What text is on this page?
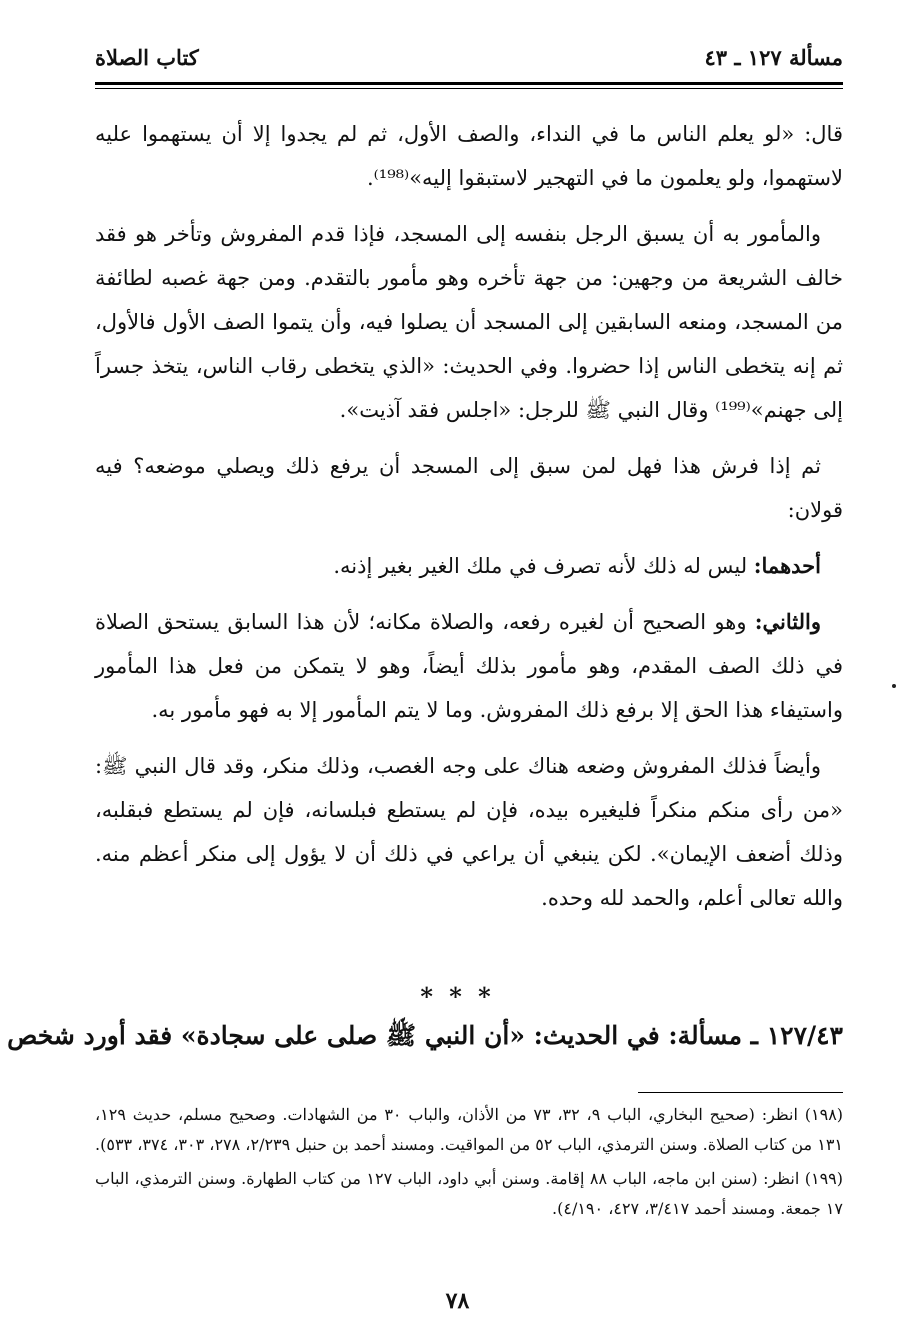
مسألة ١٢٧ ـ ٤٣
كتاب الصلاة

قال: «لو يعلم الناس ما في النداء، والصف الأول، ثم لم يجدوا إلا أن يستهموا عليه لاستهموا، ولو يعلمون ما في التهجير لاستبقوا إليه»⁽¹⁹⁸⁾.

والمأمور به أن يسبق الرجل بنفسه إلى المسجد، فإذا قدم المفروش وتأخر هو فقد خالف الشريعة من وجهين: من جهة تأخره وهو مأمور بالتقدم. ومن جهة غصبه لطائفة من المسجد، ومنعه السابقين إلى المسجد أن يصلوا فيه، وأن يتموا الصف الأول فالأول، ثم إنه يتخطى الناس إذا حضروا. وفي الحديث: «الذي يتخطى رقاب الناس، يتخذ جسراً إلى جهنم»⁽¹⁹⁹⁾ وقال النبي ﷺ للرجل: «اجلس فقد آذيت».

ثم إذا فرش هذا فهل لمن سبق إلى المسجد أن يرفع ذلك ويصلي موضعه؟ فيه قولان:

أحدهما: ليس له ذلك لأنه تصرف في ملك الغير بغير إذنه.

والثاني: وهو الصحيح أن لغيره رفعه، والصلاة مكانه؛ لأن هذا السابق يستحق الصلاة في ذلك الصف المقدم، وهو مأمور بذلك أيضاً، وهو لا يتمكن من فعل هذا المأمور واستيفاء هذا الحق إلا برفع ذلك المفروش. وما لا يتم المأمور إلا به فهو مأمور به.

وأيضاً فذلك المفروش وضعه هناك على وجه الغصب، وذلك منكر، وقد قال النبي ﷺ: «من رأى منكم منكراً فليغيره بيده، فإن لم يستطع فبلسانه، فإن لم يستطع فبقلبه، وذلك أضعف الإيمان». لكن ينبغي أن يراعي في ذلك أن لا يؤول إلى منكر أعظم منه. والله تعالى أعلم، والحمد لله وحده.

* * *
١٢٧/٤٣ ـ مسألة: في الحديث: «أن النبي ﷺ صلى على سجادة» فقد أورد شخص

(١٩٨) انظر: (صحيح البخاري، الباب ٩، ٣٢، ٧٣ من الأذان، والباب ٣٠ من الشهادات. وصحيح مسلم، حديث ١٢٩، ١٣١ من كتاب الصلاة. وسنن الترمذي، الباب ٥٢ من المواقيت. ومسند أحمد بن حنبل ٢/٢٣٩، ٢٧٨، ٣٠٣، ٣٧٤، ٥٣٣).

(١٩٩) انظر: (سنن ابن ماجه، الباب ٨٨ إقامة. وسنن أبي داود، الباب ١٢٧ من كتاب الطهارة. وسنن الترمذي، الباب ١٧ جمعة. ومسند أحمد ٣/٤١٧، ٤٢٧، ٤/١٩٠).

٧٨
